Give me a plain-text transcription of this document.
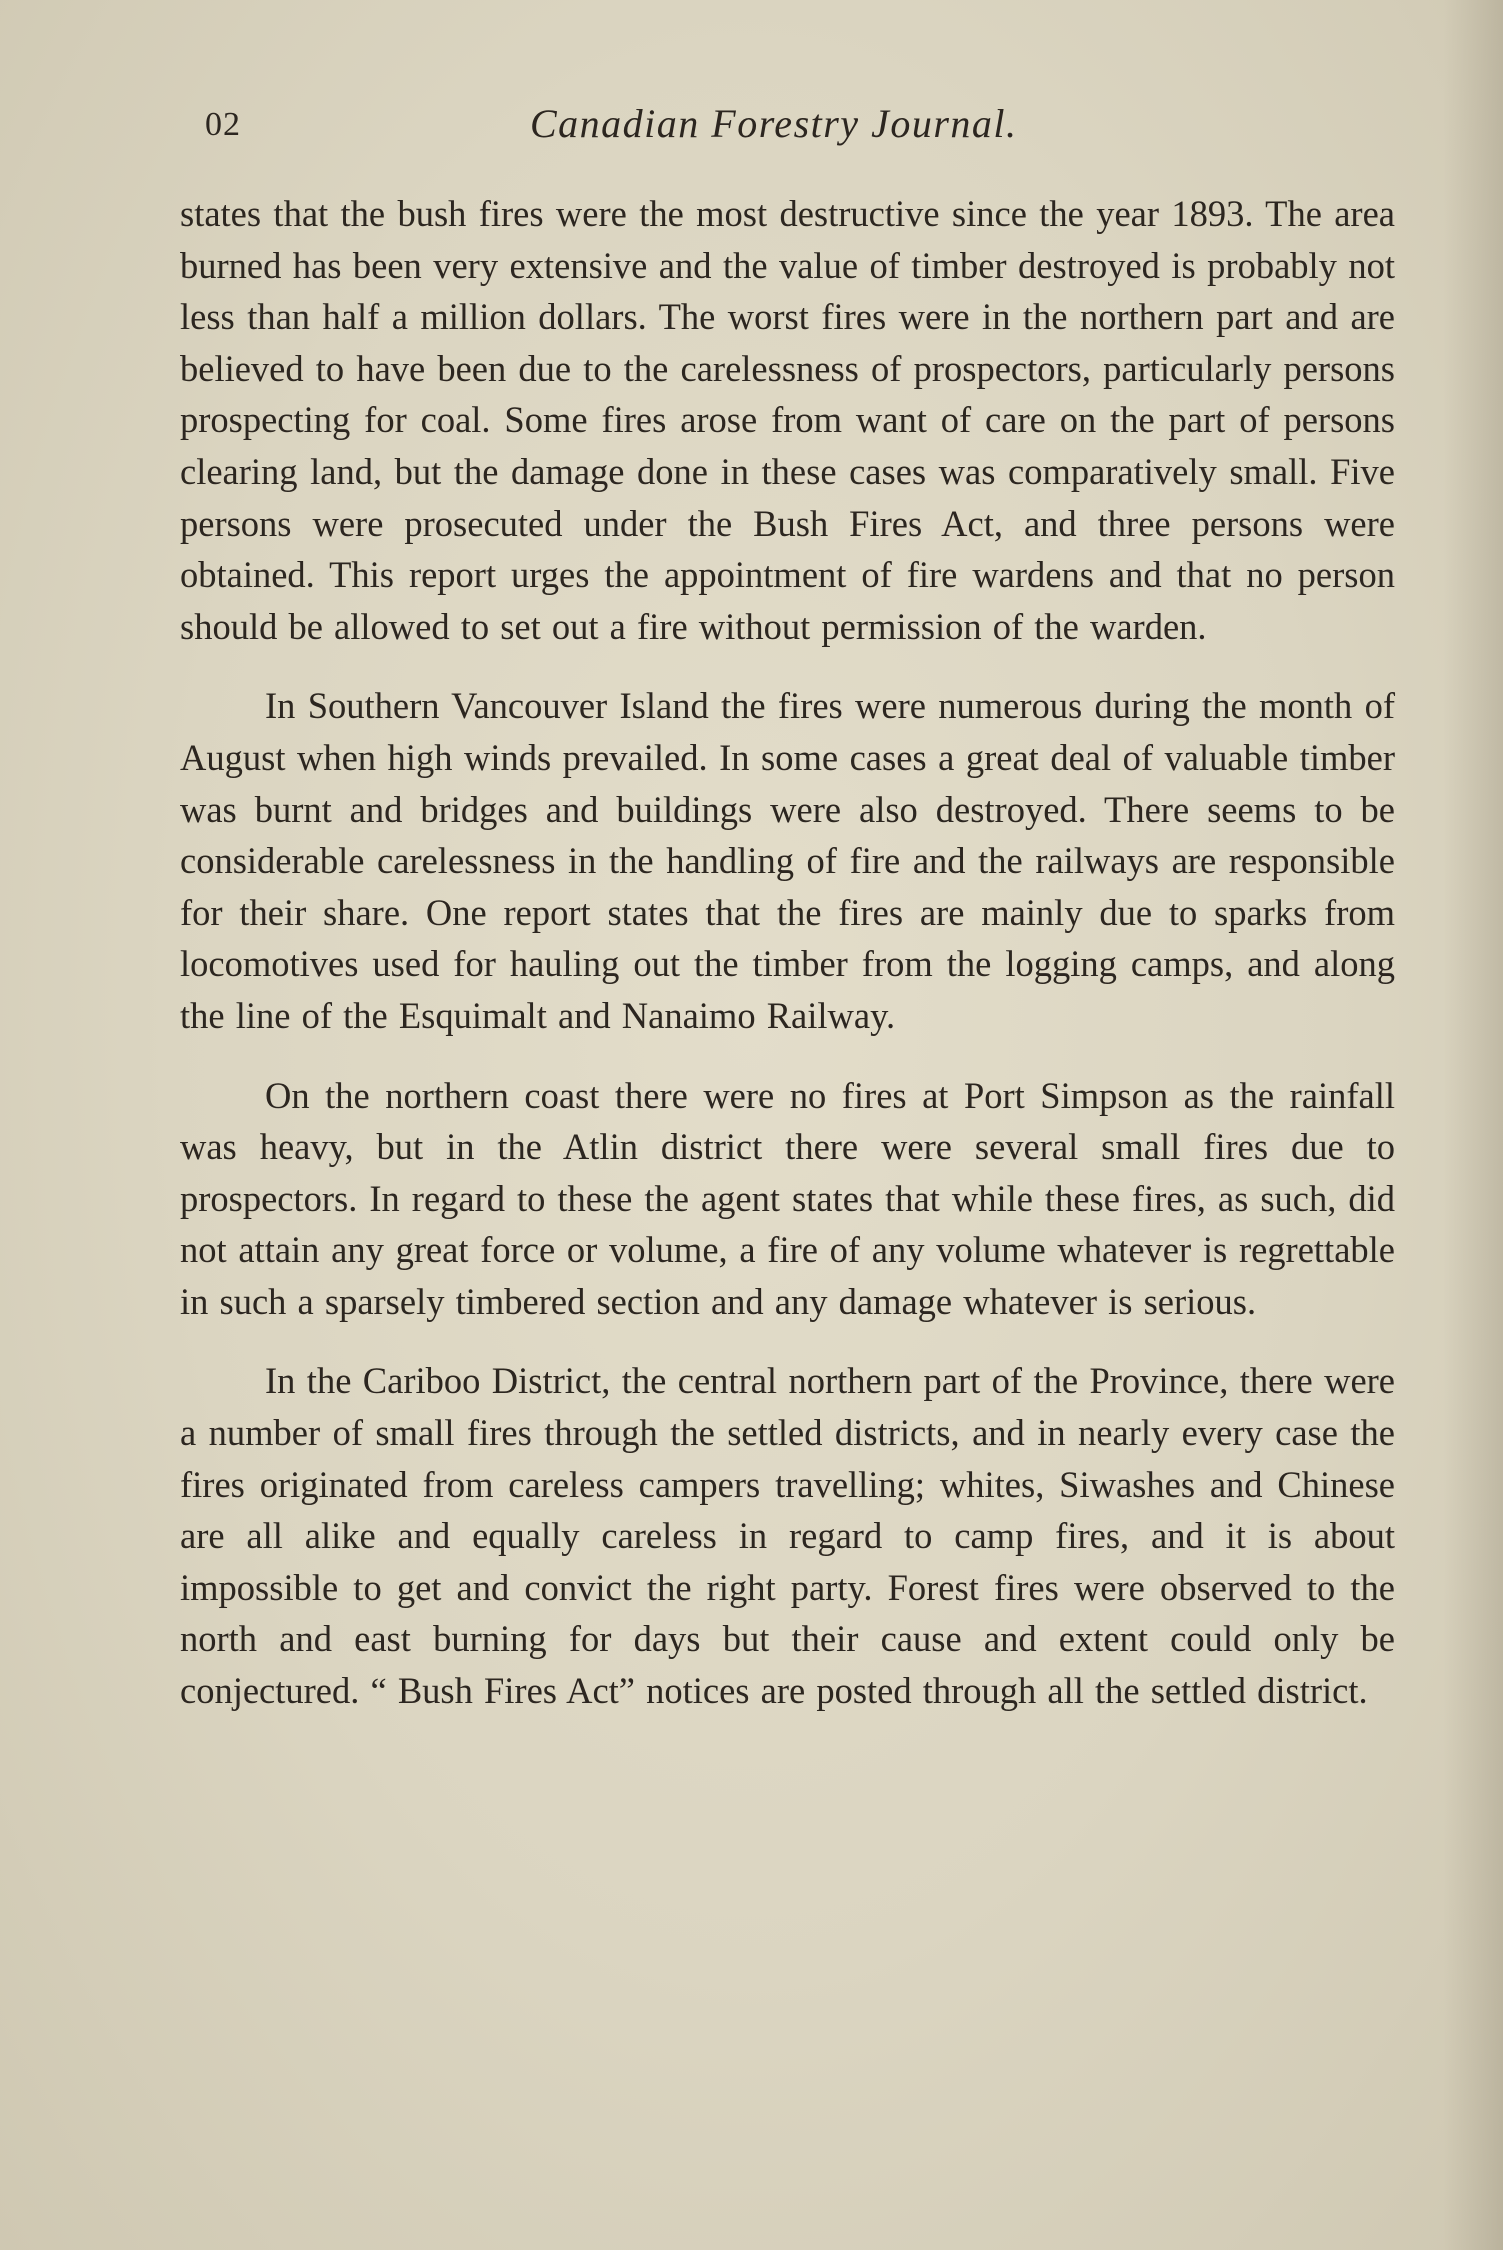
02	Canadian Forestry Journal.

states that the bush fires were the most destructive since the year 1893. The area burned has been very extensive and the value of timber destroyed is probably not less than half a million dollars. The worst fires were in the northern part and are believed to have been due to the carelessness of prospectors, particularly persons prospecting for coal. Some fires arose from want of care on the part of persons clearing land, but the damage done in these cases was comparatively small. Five persons were prosecuted under the Bush Fires Act, and three persons were obtained. This report urges the appointment of fire wardens and that no person should be allowed to set out a fire without permission of the warden.

In Southern Vancouver Island the fires were numerous during the month of August when high winds prevailed. In some cases a great deal of valuable timber was burnt and bridges and buildings were also destroyed. There seems to be considerable carelessness in the handling of fire and the railways are responsible for their share. One report states that the fires are mainly due to sparks from locomotives used for hauling out the timber from the logging camps, and along the line of the Esquimalt and Nanaimo Railway.

On the northern coast there were no fires at Port Simpson as the rainfall was heavy, but in the Atlin district there were several small fires due to prospectors. In regard to these the agent states that while these fires, as such, did not attain any great force or volume, a fire of any volume whatever is regrettable in such a sparsely timbered section and any damage whatever is serious.

In the Cariboo District, the central northern part of the Province, there were a number of small fires through the settled districts, and in nearly every case the fires originated from careless campers travelling; whites, Siwashes and Chinese are all alike and equally careless in regard to camp fires, and it is about impossible to get and convict the right party. Forest fires were observed to the north and east burning for days but their cause and extent could only be conjectured. “ Bush Fires Act” notices are posted through all the settled district.
